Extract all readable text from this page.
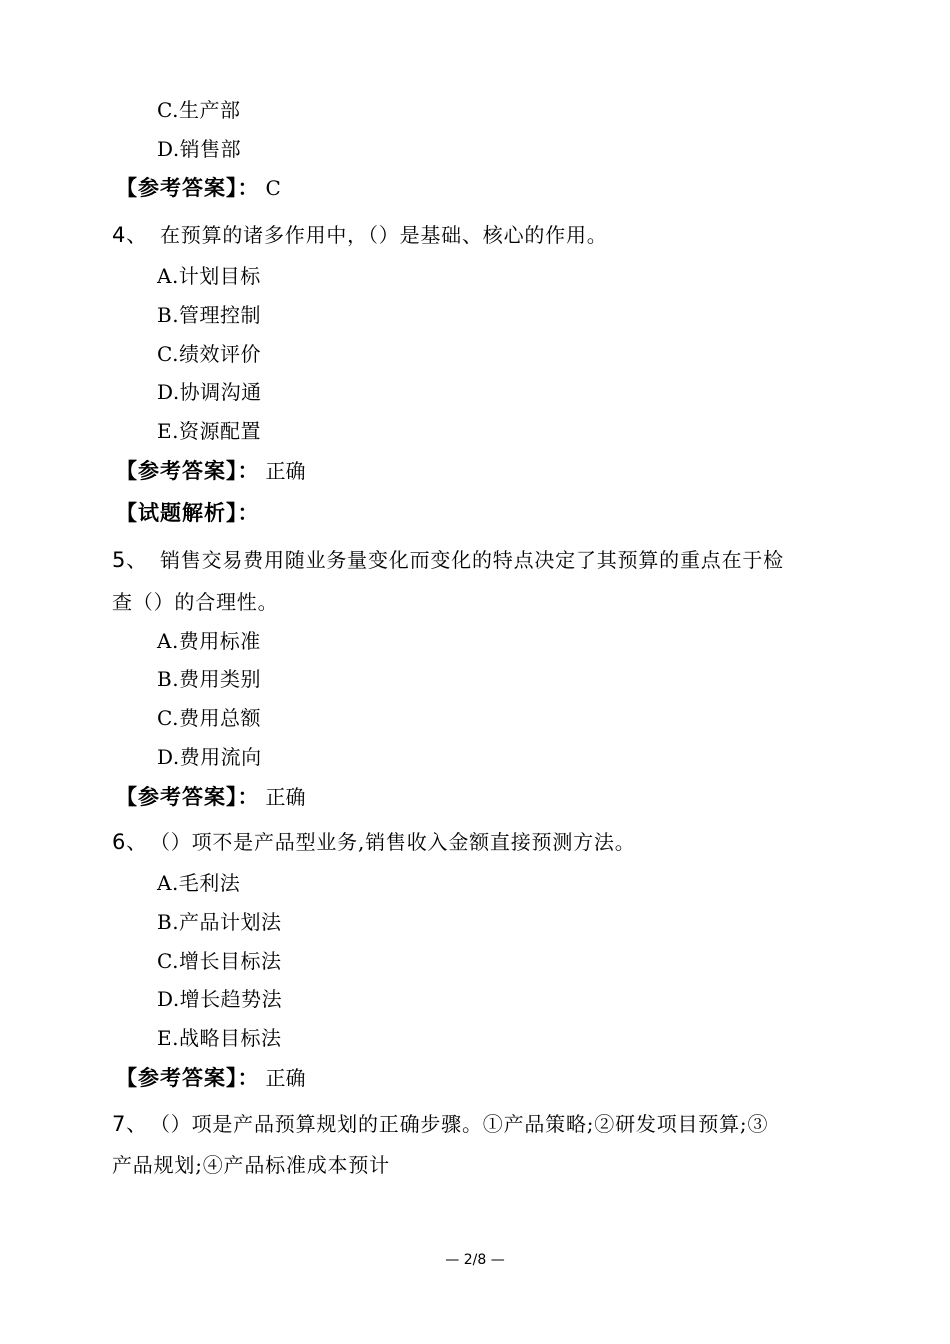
C.生产部
D.销售部
【参考答案】： C
4、 在预算的诸多作用中，（）是基础、核心的作用。
A.计划目标
B.管理控制
C.绩效评价
D.协调沟通
E.资源配置
【参考答案】： 正确
【试题解析】：
5、 销售交易费用随业务量变化而变化的特点决定了其预算的重点在于检
查（）的合理性。
A.费用标准
B.费用类别
C.费用总额
D.费用流向
【参考答案】： 正确
6、 （）项不是产品型业务,销售收入金额直接预测方法。
A.毛利法
B.产品计划法
C.增长目标法
D.增长趋势法
E.战略目标法
【参考答案】： 正确
7、 （）项是产品预算规划的正确步骤。①产品策略;②研发项目预算;③
产品规划;④产品标准成本预计
— 2/8 —
